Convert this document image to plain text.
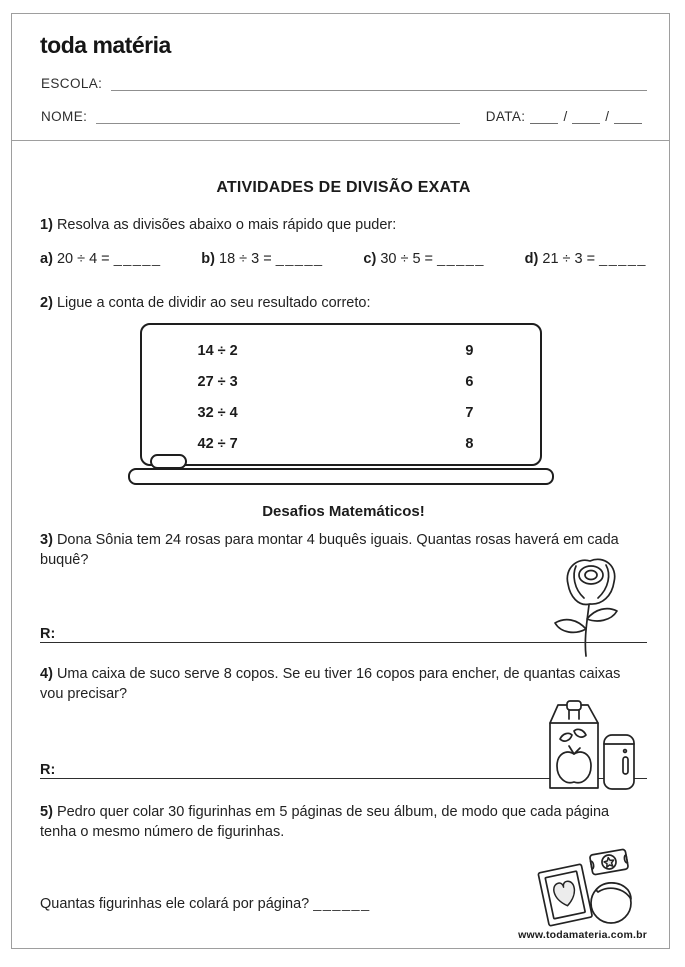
toda matéria
ESCOLA:
NOME:	DATA:	/	/
ATIVIDADES DE DIVISÃO EXATA
1) Resolva as divisões abaixo o mais rápido que puder:
a) 20 ÷ 4 = _____	b) 18 ÷ 3 = _____	c) 30 ÷ 5 = _____	d) 21 ÷ 3 = _____
2) Ligue a conta de dividir ao seu resultado correto:
14 ÷ 2	9
27 ÷ 3	6
32 ÷ 4	7
42 ÷ 7	8
Desafios Matemáticos!
3) Dona Sônia tem 24 rosas para montar 4 buquês iguais. Quantas rosas haverá em cada buquê?
R:
4) Uma caixa de suco serve 8 copos. Se eu tiver 16 copos para encher, de quantas caixas vou precisar?
R:
5) Pedro quer colar 30 figurinhas em 5 páginas de seu álbum, de modo que cada página tenha o mesmo número de figurinhas.
Quantas figurinhas ele colará por página? ______
www.todamateria.com.br
